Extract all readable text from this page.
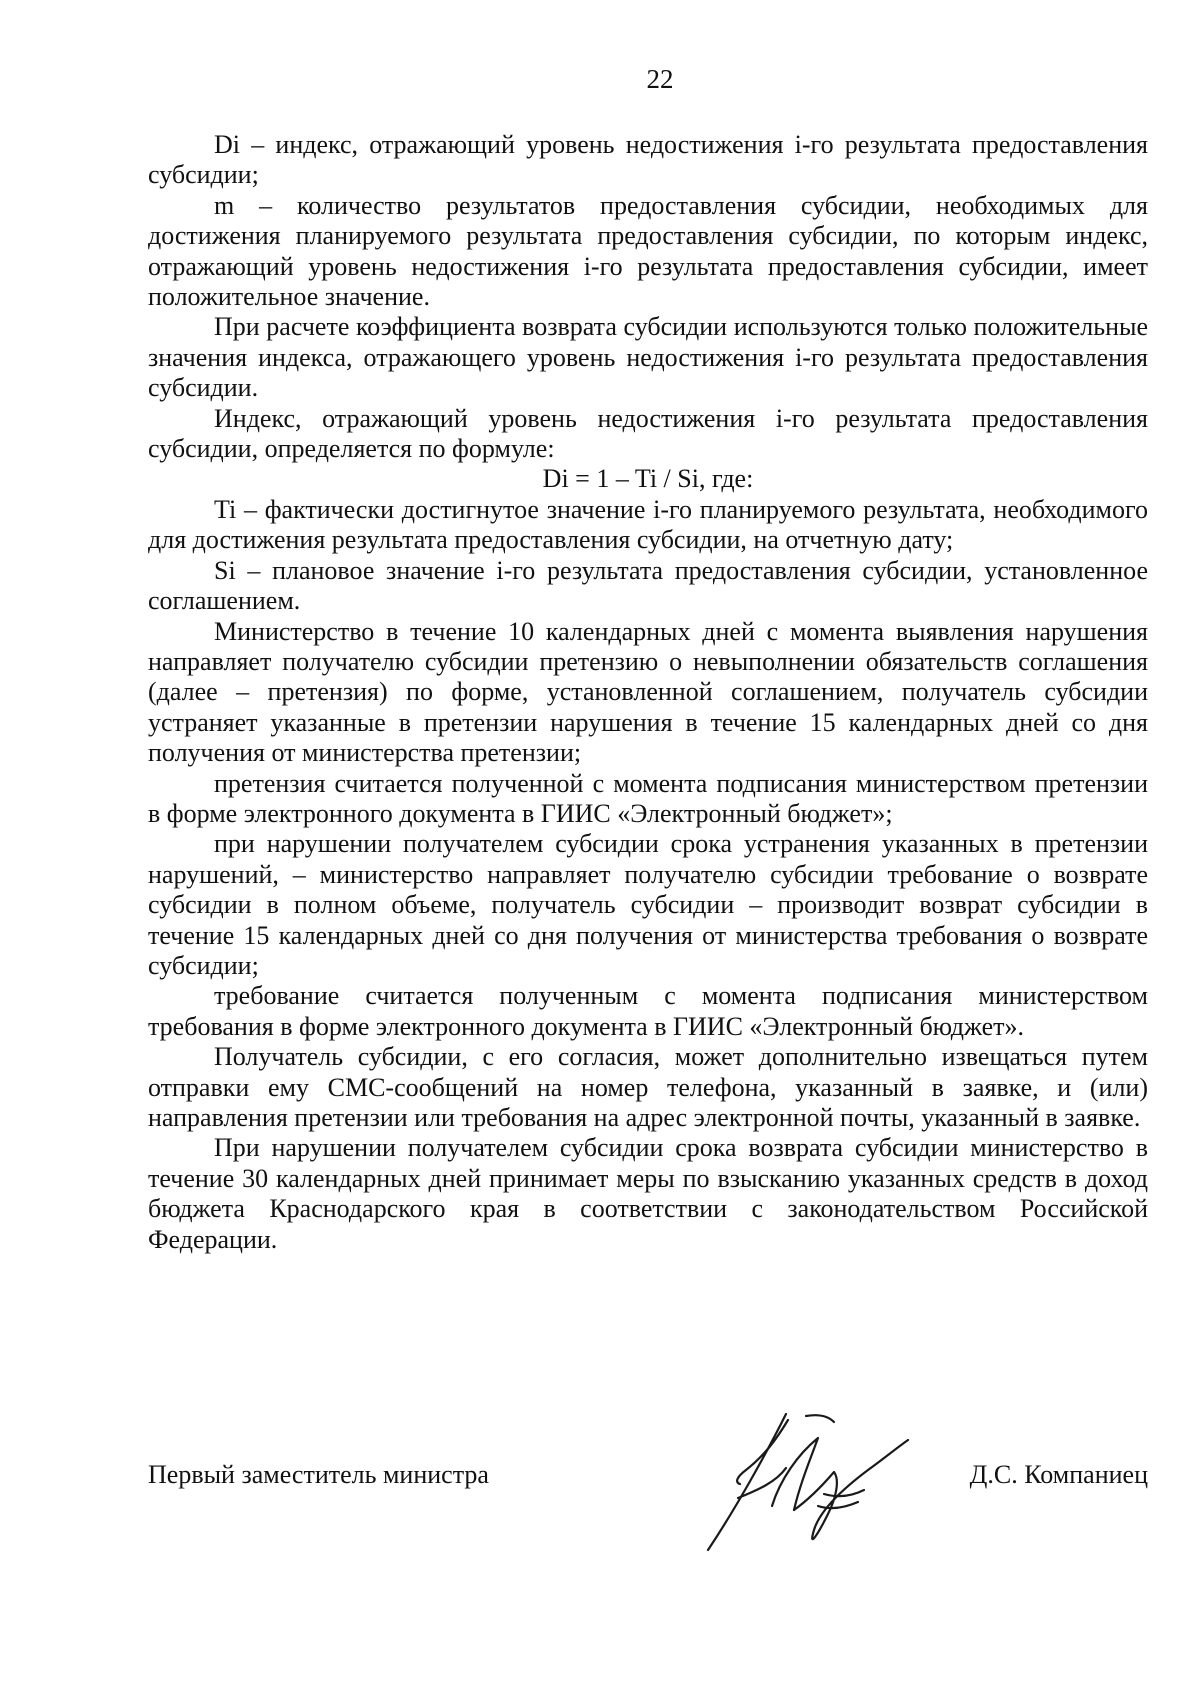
22

Di – индекс, отражающий уровень недостижения i-го результата предоставления субсидии;

m – количество результатов предоставления субсидии, необходимых для достижения планируемого результата предоставления субсидии, по которым индекс, отражающий уровень недостижения i-го результата предоставления субсидии, имеет положительное значение.

При расчете коэффициента возврата субсидии используются только положительные значения индекса, отражающего уровень недостижения i-го результата предоставления субсидии.

Индекс, отражающий уровень недостижения i-го результата предоставления субсидии, определяется по формуле:

Di = 1 – Ti / Si, где:

Ti – фактически достигнутое значение i-го планируемого результата, необходимого для достижения результата предоставления субсидии, на отчетную дату;

Si – плановое значение i-го результата предоставления субсидии, установленное соглашением.

Министерство в течение 10 календарных дней с момента выявления нарушения направляет получателю субсидии претензию о невыполнении обязательств соглашения (далее – претензия) по форме, установленной соглашением, получатель субсидии устраняет указанные в претензии нарушения в течение 15 календарных дней со дня получения от министерства претензии;

претензия считается полученной с момента подписания министерством претензии в форме электронного документа в ГИИС «Электронный бюджет»;

при нарушении получателем субсидии срока устранения указанных в претензии нарушений, – министерство направляет получателю субсидии требование о возврате субсидии в полном объеме, получатель субсидии – производит возврат субсидии в течение 15 календарных дней со дня получения от министерства требования о возврате субсидии;

требование считается полученным с момента подписания министерством требования в форме электронного документа в ГИИС «Электронный бюджет».

Получатель субсидии, с его согласия, может дополнительно извещаться путем отправки ему СМС-сообщений на номер телефона, указанный в заявке, и (или) направления претензии или требования на адрес электронной почты, указанный в заявке.

При нарушении получателем субсидии срока возврата субсидии министерство в течение 30 календарных дней принимает меры по взысканию указанных средств в доход бюджета Краснодарского края в соответствии с законодательством Российской Федерации.

Первый заместитель министра	Д.С. Компаниец
